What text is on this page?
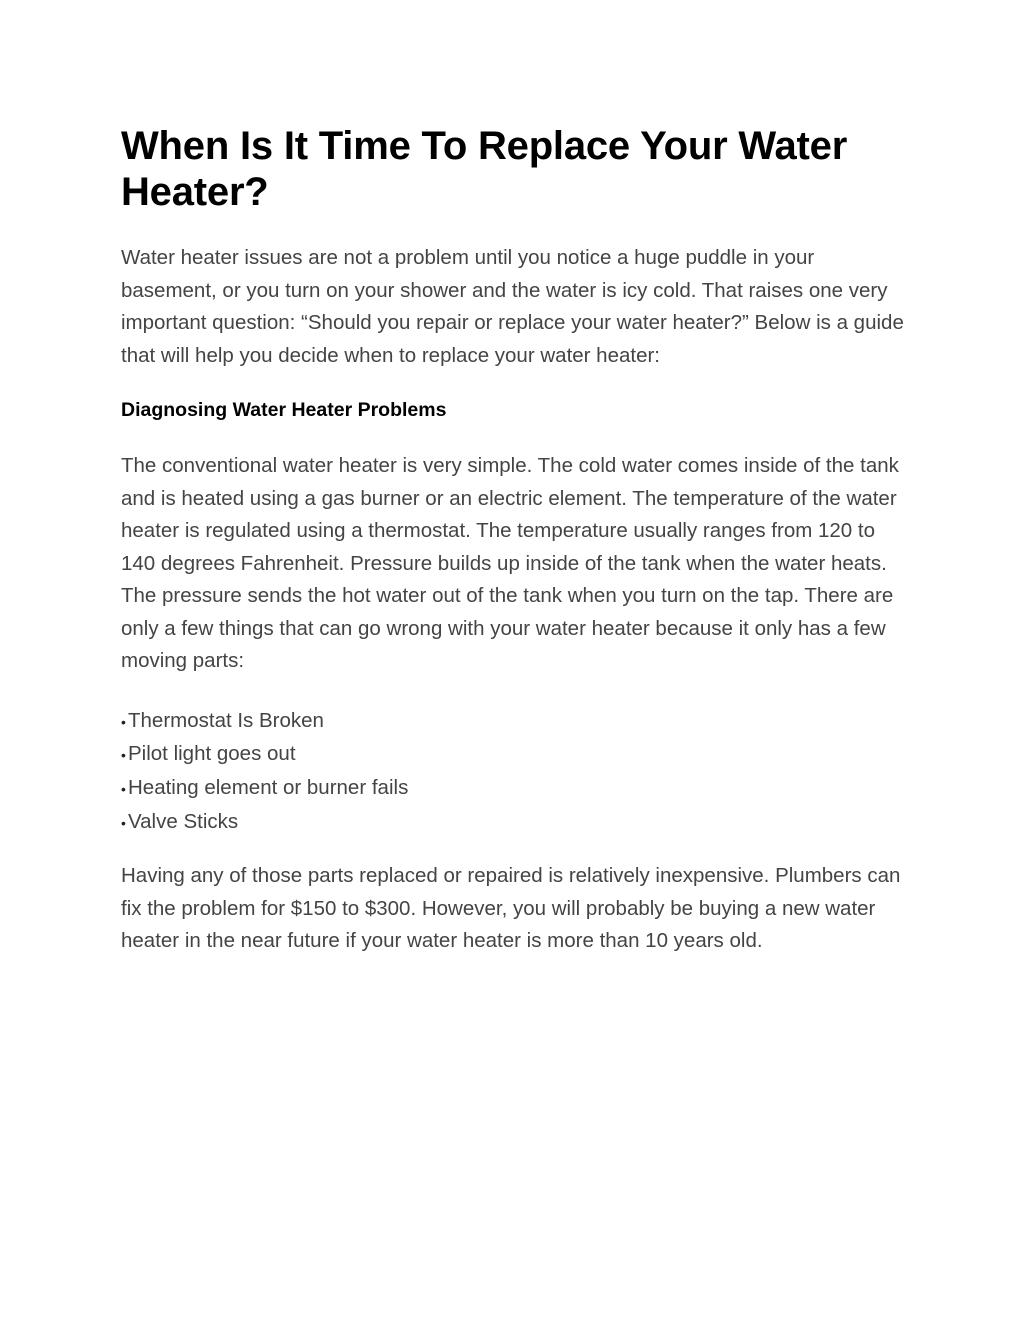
When Is It Time To Replace Your Water Heater?

Water heater issues are not a problem until you notice a huge puddle in your basement, or you turn on your shower and the water is icy cold. That raises one very important question: “Should you repair or replace your water heater?” Below is a guide that will help you decide when to replace your water heater:

Diagnosing Water Heater Problems

The conventional water heater is very simple. The cold water comes inside of the tank and is heated using a gas burner or an electric element. The temperature of the water heater is regulated using a thermostat. The temperature usually ranges from 120 to 140 degrees Fahrenheit. Pressure builds up inside of the tank when the water heats. The pressure sends the hot water out of the tank when you turn on the tap. There are only a few things that can go wrong with your water heater because it only has a few moving parts:

• Thermostat Is Broken
• Pilot light goes out
• Heating element or burner fails
• Valve Sticks

Having any of those parts replaced or repaired is relatively inexpensive. Plumbers can fix the problem for $150 to $300. However, you will probably be buying a new water heater in the near future if your water heater is more than 10 years old.
